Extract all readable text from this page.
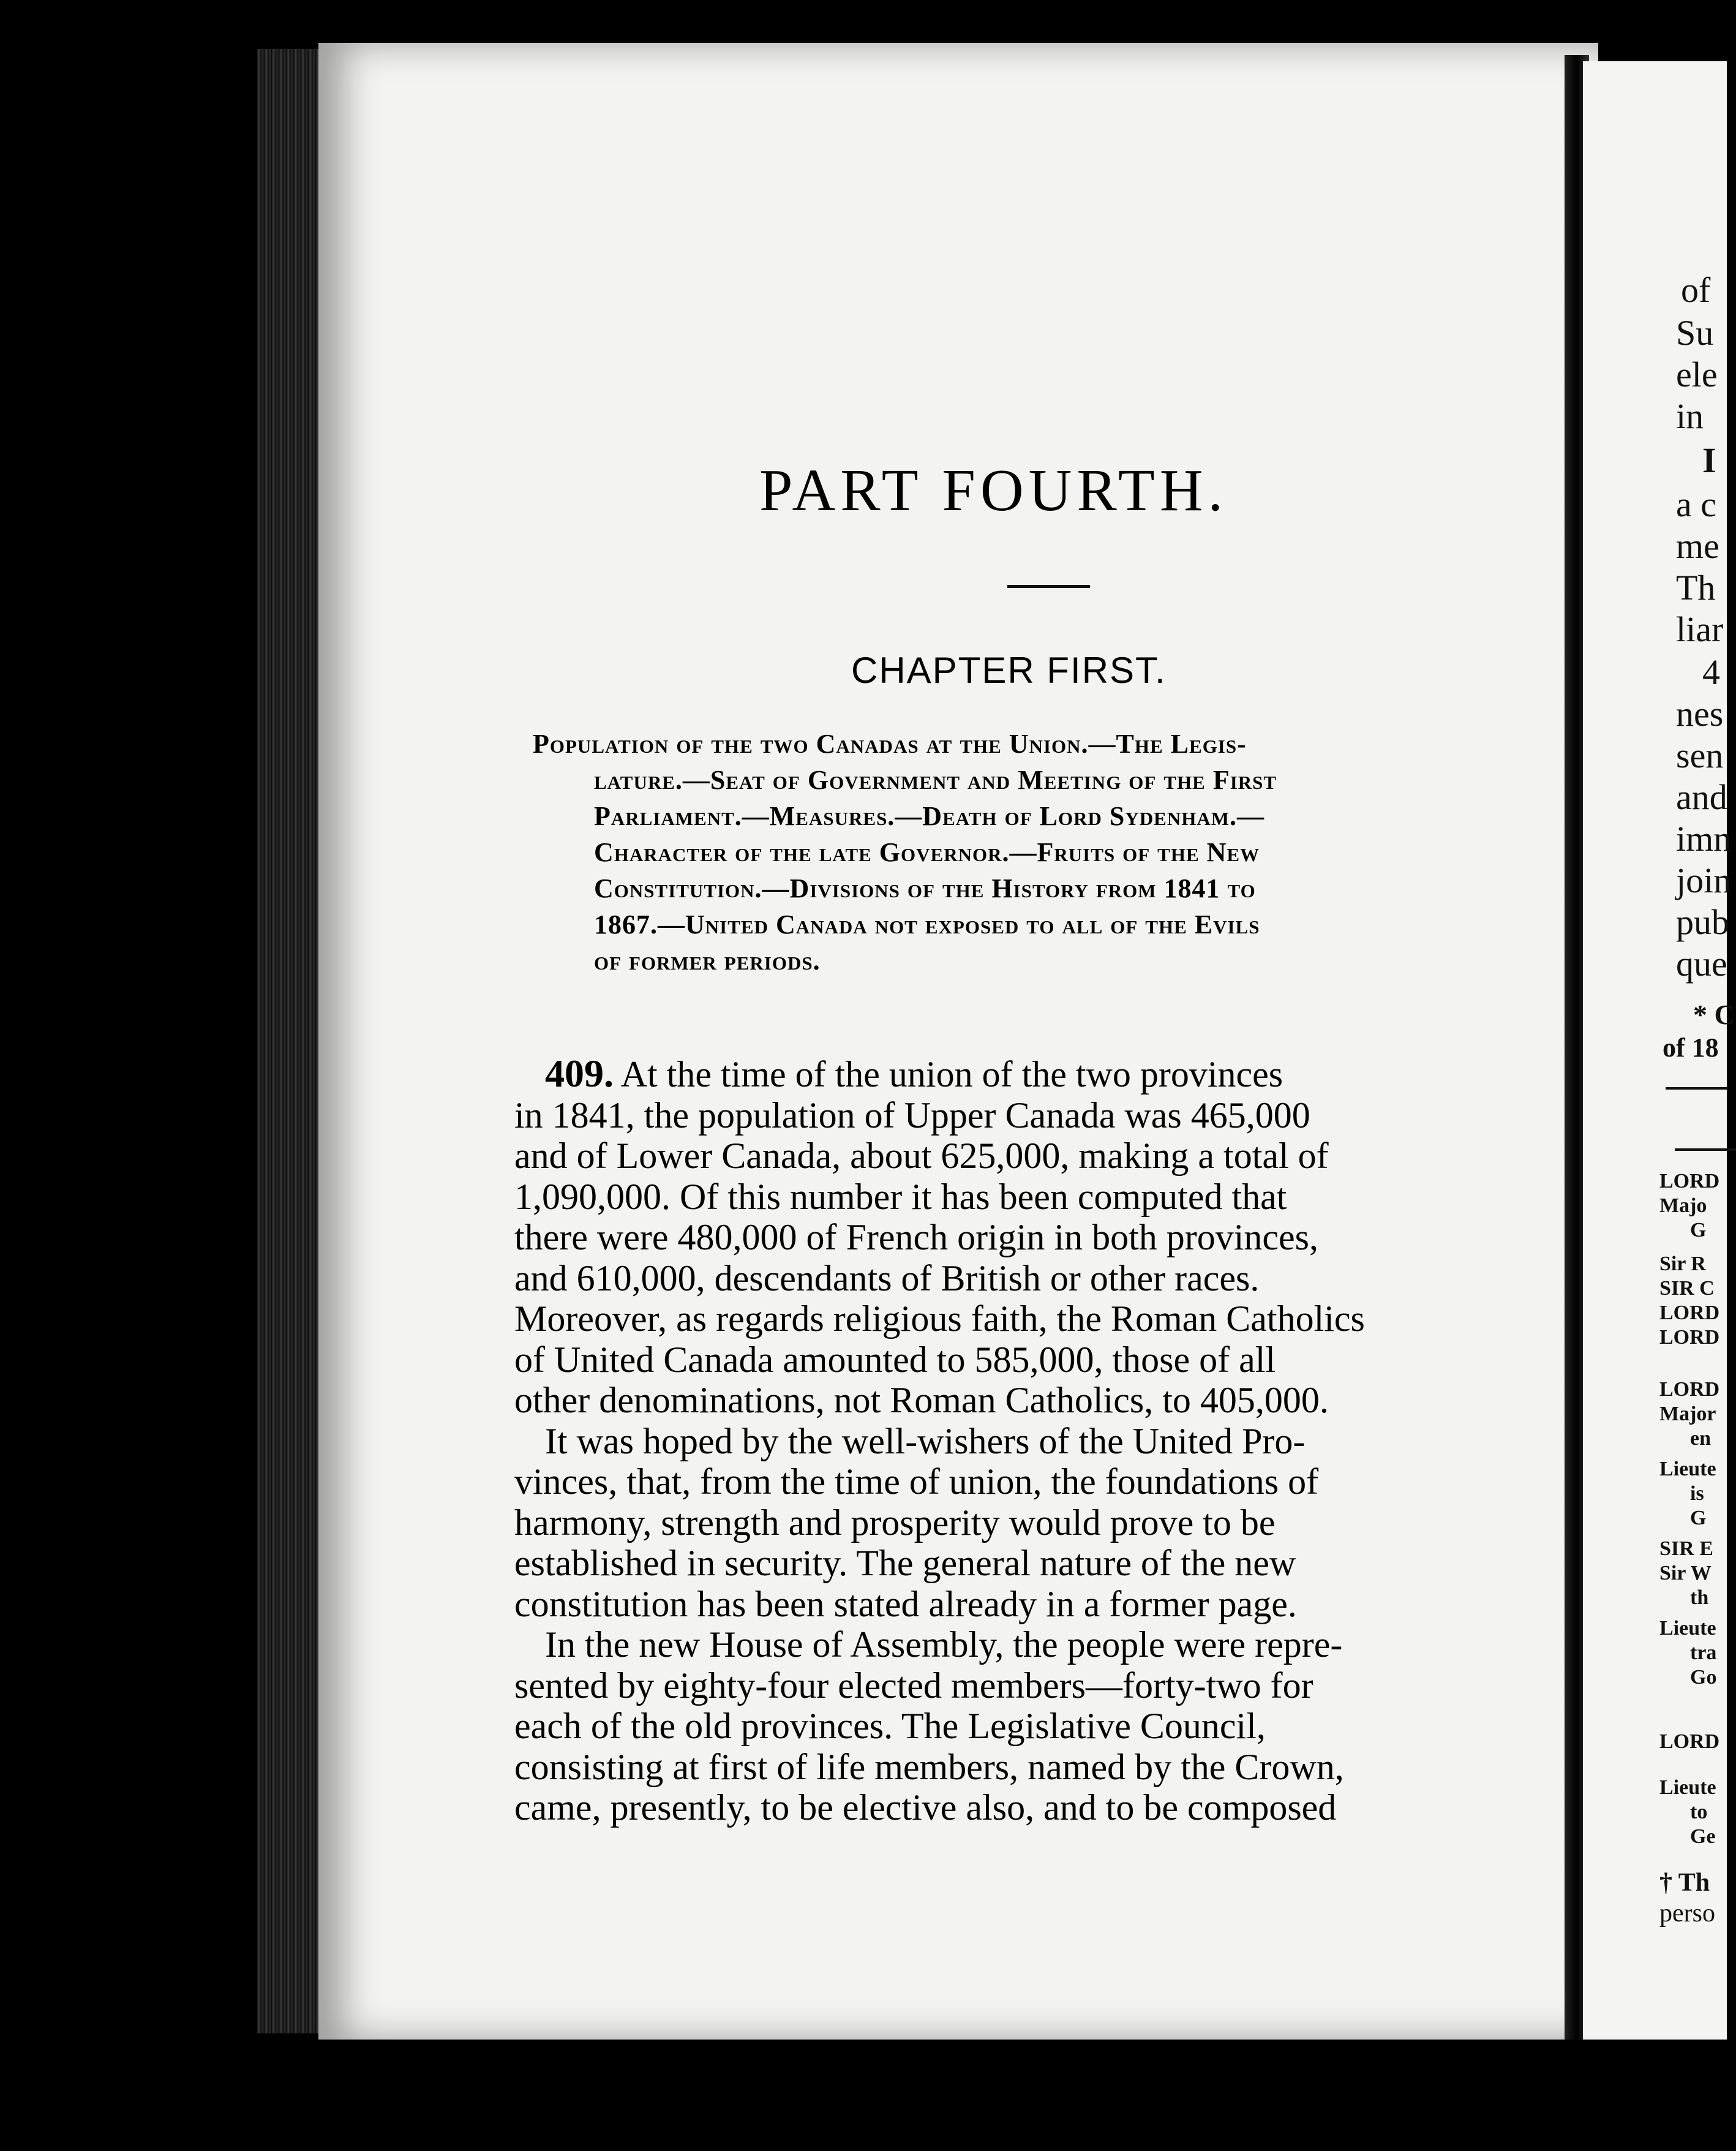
PART FOURTH.
CHAPTER FIRST.
Population of the two Canadas at the Union.—The Legis-
lature.—Seat of Government and Meeting of the First
Parliament.—Measures.—Death of Lord Sydenham.—
Character of the late Governor.—Fruits of the New
Constitution.—Divisions of the History from 1841 to
1867.—United Canada not exposed to all of the Evils
of former periods.
409. At the time of the union of the two provinces
in 1841, the population of Upper Canada was 465,000
and of Lower Canada, about 625,000, making a total of
1,090,000. Of this number it has been computed that
there were 480,000 of French origin in both provinces,
and 610,000, descendants of British or other races.
Moreover, as regards religious faith, the Roman Catholics
of United Canada amounted to 585,000, those of all
other denominations, not Roman Catholics, to 405,000.
It was hoped by the well-wishers of the United Pro-
vinces, that, from the time of union, the foundations of
harmony, strength and prosperity would prove to be
established in security. The general nature of the new
constitution has been stated already in a former page.
In the new House of Assembly, the people were repre-
sented by eighty-four elected members—forty-two for
each of the old provinces. The Legislative Council,
consisting at first of life members, named by the Crown,
came, presently, to be elective also, and to be composed
of
Su
ele
in
I
a c
me
Th
liar
4
nes
sen
and
imn
join
pub
que
* C
of 18
LORD
Majo
G
Sir R
SIR C
LORD
LORD
LORD
Major
en
Lieute
is
G
SIR E
Sir W
th
Lieute
tra
Go
LORD
Lieute
to
Ge
† Th
perso
